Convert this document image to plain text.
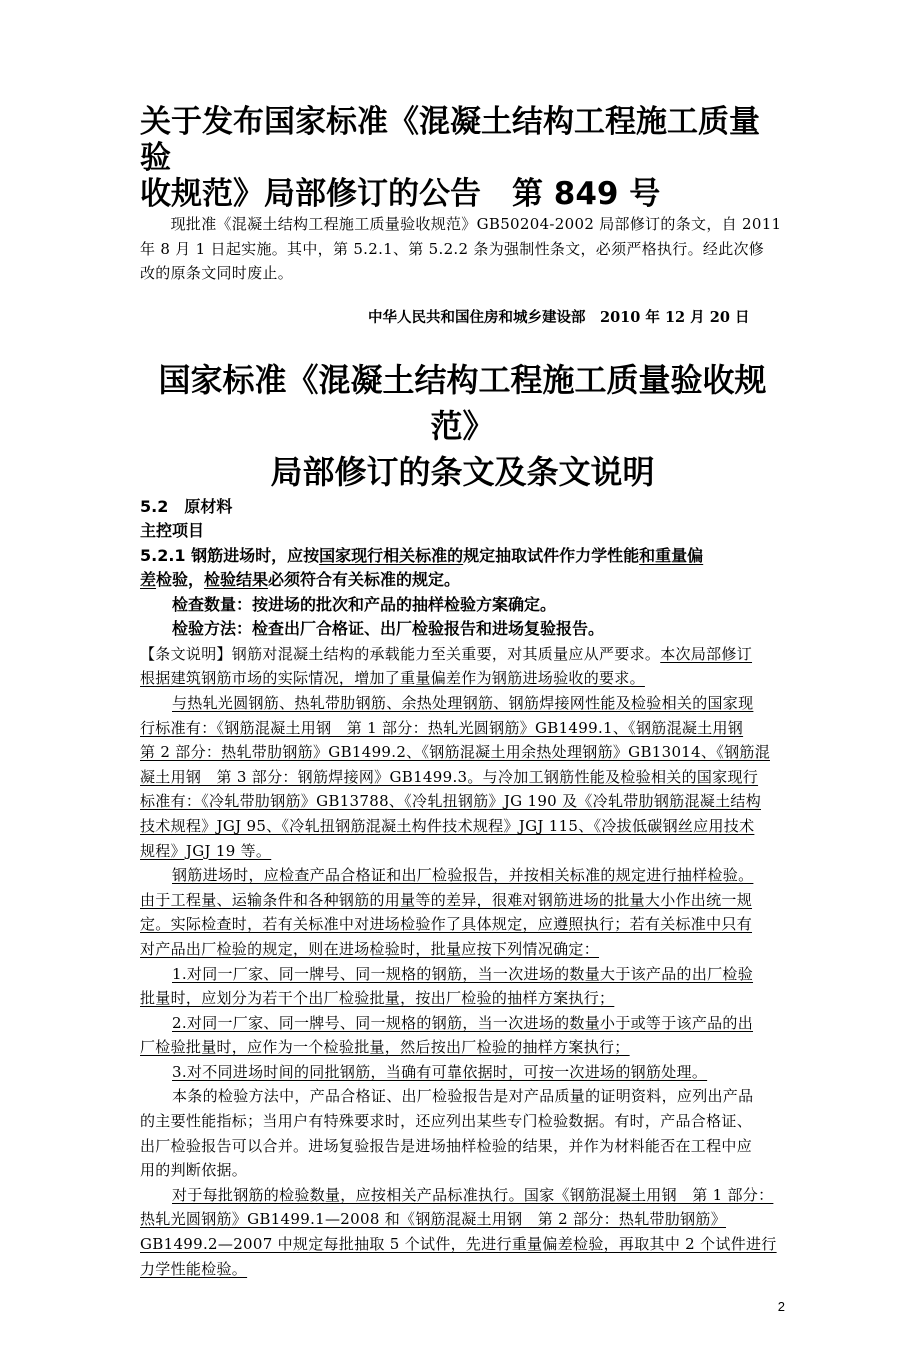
关于发布国家标准《混凝土结构工程施工质量验
收规范》局部修订的公告　第 849 号
　　现批准《混凝土结构工程施工质量验收规范》GB50204-2002 局部修订的条文，自 2011
年 8 月 1 日起实施。其中，第 5.2.1、第 5.2.2 条为强制性条文，必须严格执行。经此次修
改的原条文同时废止。
中华人民共和国住房和城乡建设部　2010 年 12 月 20 日
国家标准《混凝土结构工程施工质量验收规范》
局部修订的条文及条文说明
5.2　原材料
主控项目
5.2.1 钢筋进场时，应按国家现行相关标准的规定抽取试件作力学性能和重量偏
差检验，检验结果必须符合有关标准的规定。
检查数量：按进场的批次和产品的抽样检验方案确定。
检验方法：检查出厂合格证、出厂检验报告和进场复验报告。
【条文说明】钢筋对混凝土结构的承载能力至关重要，对其质量应从严要求。本次局部修订
根据建筑钢筋市场的实际情况，增加了重量偏差作为钢筋进场验收的要求。
与热轧光圆钢筋、热轧带肋钢筋、余热处理钢筋、钢筋焊接网性能及检验相关的国家现
行标准有：《钢筋混凝土用钢　第 1 部分：热轧光圆钢筋》GB1499.1、《钢筋混凝土用钢
第 2 部分：热轧带肋钢筋》GB1499.2、《钢筋混凝土用余热处理钢筋》GB13014、《钢筋混
凝土用钢　第 3 部分：钢筋焊接网》GB1499.3。与冷加工钢筋性能及检验相关的国家现行
标准有：《冷轧带肋钢筋》GB13788、《冷轧扭钢筋》JG 190 及《冷轧带肋钢筋混凝土结构
技术规程》JGJ 95、《冷轧扭钢筋混凝土构件技术规程》JGJ 115、《冷拔低碳钢丝应用技术
规程》JGJ 19 等。
钢筋进场时，应检查产品合格证和出厂检验报告，并按相关标准的规定进行抽样检验。
由于工程量、运输条件和各种钢筋的用量等的差异，很难对钢筋进场的批量大小作出统一规
定。实际检查时，若有关标准中对进场检验作了具体规定，应遵照执行；若有关标准中只有
对产品出厂检验的规定，则在进场检验时，批量应按下列情况确定：
1.对同一厂家、同一牌号、同一规格的钢筋，当一次进场的数量大于该产品的出厂检验
批量时，应划分为若干个出厂检验批量，按出厂检验的抽样方案执行；
2.对同一厂家、同一牌号、同一规格的钢筋，当一次进场的数量小于或等于该产品的出
厂检验批量时，应作为一个检验批量，然后按出厂检验的抽样方案执行；
3.对不同进场时间的同批钢筋，当确有可靠依据时，可按一次进场的钢筋处理。
本条的检验方法中，产品合格证、出厂检验报告是对产品质量的证明资料，应列出产品
的主要性能指标；当用户有特殊要求时，还应列出某些专门检验数据。有时，产品合格证、
出厂检验报告可以合并。进场复验报告是进场抽样检验的结果，并作为材料能否在工程中应
用的判断依据。
对于每批钢筋的检验数量，应按相关产品标准执行。国家《钢筋混凝土用钢　第 1 部分：
热轧光圆钢筋》GB1499.1—2008 和《钢筋混凝土用钢　第 2 部分：热轧带肋钢筋》
GB1499.2—2007 中规定每批抽取 5 个试件，先进行重量偏差检验，再取其中 2 个试件进行
力学性能检验。
2
